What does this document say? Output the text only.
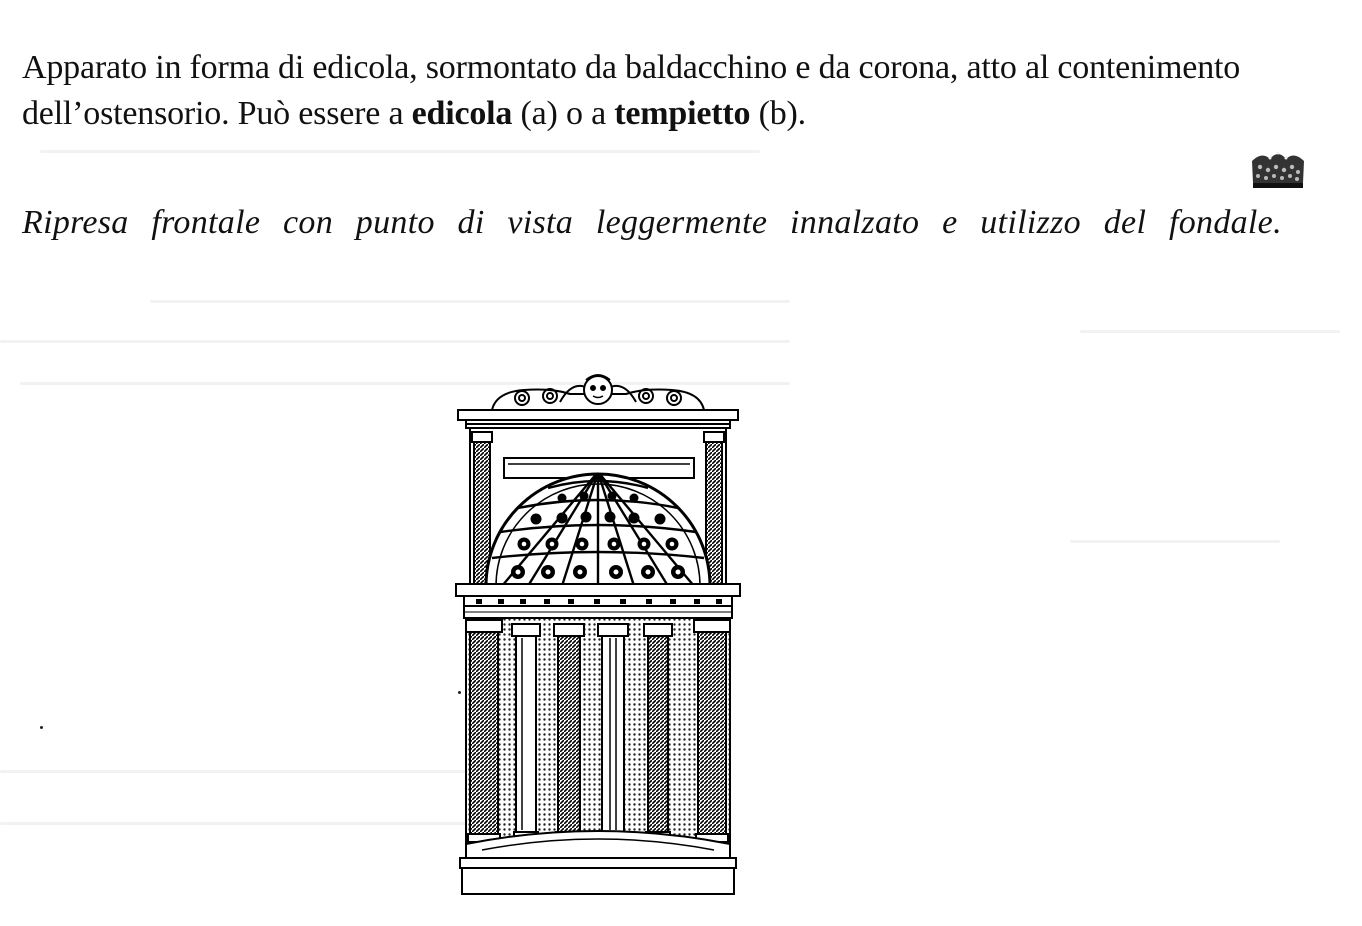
Apparato in forma di edicola, sormontato da baldacchino e da corona, atto al contenimento dell’ostensorio. Può essere a edicola (a) o a tempietto (b).

Ripresa frontale con punto di vista leggermente innalzato e utilizzo del fondale.
